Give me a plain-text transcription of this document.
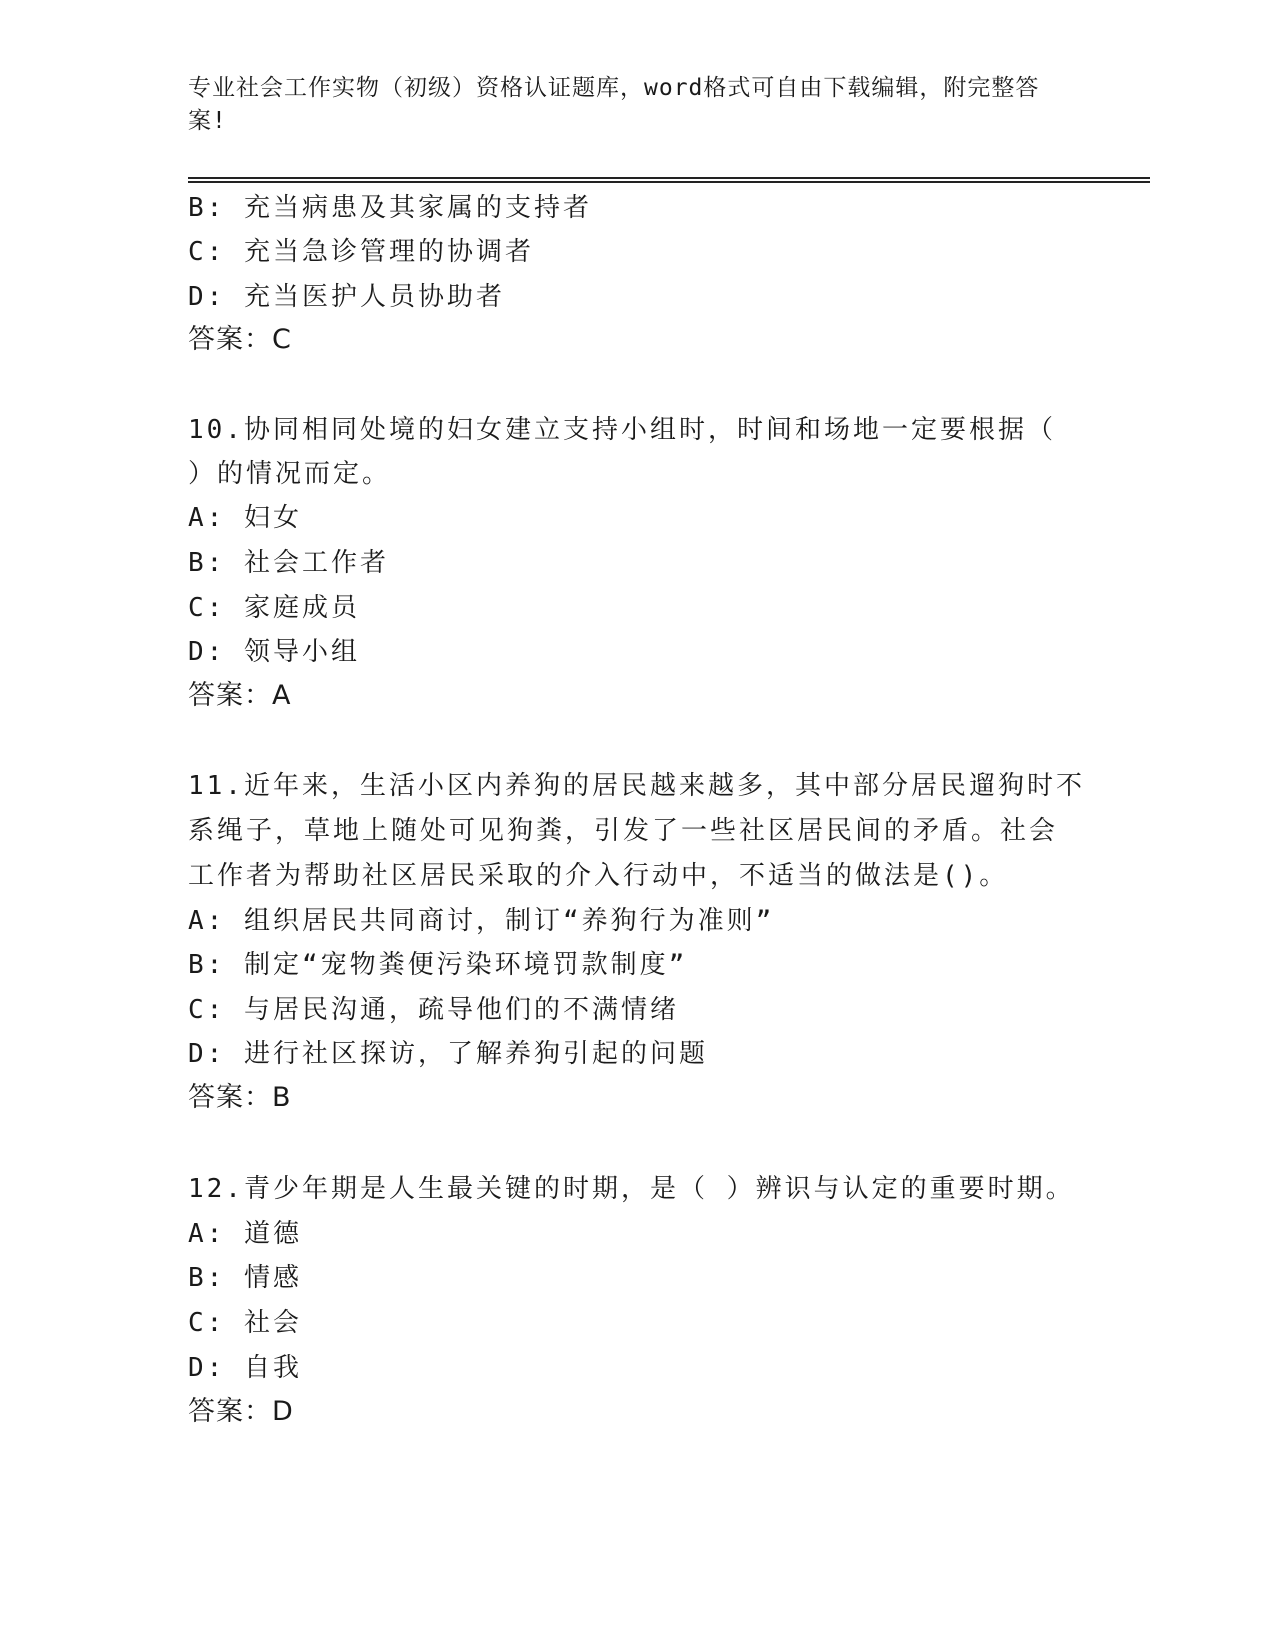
专业社会工作实物（初级）资格认证题库，word格式可自由下载编辑，附完整答
案!
B: 充当病患及其家属的支持者
C: 充当急诊管理的协调者
D: 充当医护人员协助者
答案：C
10.协同相同处境的妇女建立支持小组时，时间和场地一定要根据（
）的情况而定。
A: 妇女
B: 社会工作者
C: 家庭成员
D: 领导小组
答案：A
11.近年来，生活小区内养狗的居民越来越多，其中部分居民遛狗时不
系绳子，草地上随处可见狗粪，引发了一些社区居民间的矛盾。社会
工作者为帮助社区居民采取的介入行动中，不适当的做法是()。
A: 组织居民共同商讨，制订“养狗行为准则”
B: 制定“宠物粪便污染环境罚款制度”
C: 与居民沟通，疏导他们的不满情绪
D: 进行社区探访，了解养狗引起的问题
答案：B
12.青少年期是人生最关键的时期，是（ ）辨识与认定的重要时期。
A: 道德
B: 情感
C: 社会
D: 自我
答案：D
